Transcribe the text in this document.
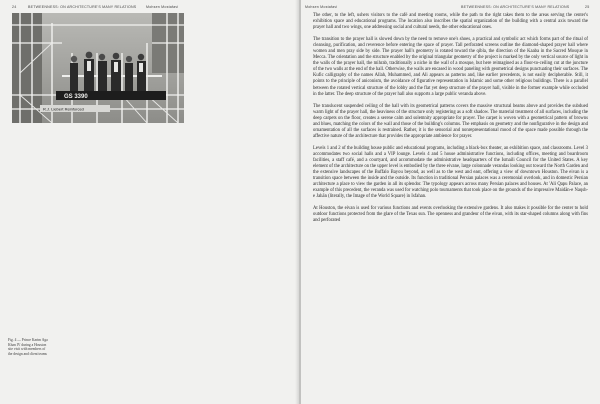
24	BETWEENNESS: ON ARCHITECTURE'S MANY RELATIONS	Mohsen Mostafavi
GS 3390
R.J. Liebert Reinforced
Fig. 4 — Prince Karim Aga Khan IV during a Houston site visit with members of the design and client teams
Mohsen Mostafavi	BETWEENNESS: ON ARCHITECTURE'S MANY RELATIONS	25

The other, to the left, ushers visitors to the café and meeting rooms, while the path to the right takes them to the areas serving the center's exhibition space and educational programs. The location also inscribes the spatial organization of the building with a central axis toward the prayer hall and two wings, one addressing social and cultural needs, the other educational ones.

The transition to the prayer hall is slowed down by the need to remove one's shoes, a practical and symbolic act which forms part of the ritual of cleansing, purification, and reverence before entering the space of prayer. Tall perforated screens outline the diamond-shaped prayer hall where women and men pray side by side. The prayer hall's geometry is rotated toward the qibla, the direction of the Kaaba in the Sacred Mosque in Mecca. The orientation and the structure enabled by the original triangular geometry of the project is marked by the only vertical source of light in the walls of the prayer hall, the mihrab, traditionally a niche in the wall of a mosque, but here reimagined as a floor-to-ceiling cut at the juncture of the two walls at the end of the hall. Otherwise, the walls are encased in wood paneling with geometrical designs punctuating their surfaces. The Kufic calligraphy of the names Allah, Muhammed, and Ali appears as patterns and, like earlier precedents, is not easily decipherable. Still, it points to the principle of aniconism, the avoidance of figurative representation in Islamic and some other religious buildings. There is a parallel between the rotated vertical structure of the lobby and the flat yet deep structure of the prayer hall, visible in the former example while occluded in the latter. The deep structure of the prayer hall also supports a large public veranda above.

The translucent suspended ceiling of the hall with its geometrical patterns covers the massive structural beams above and provides the subdued warm light of the prayer hall, the heaviness of the structure only registering as a soft shadow. The material treatment of all surfaces, including the deep carpets on the floor, creates a serene calm and solemnity appropriate for prayer. The carpet is woven with a geometrical pattern of browns and blues, matching the colors of the wall and those of the building's columns. The emphasis on geometry and the nonfigurative in the design and ornamentation of all the surfaces is restrained. Rather, it is the sensorial and nonrepresentational mood of the space made possible through the affective nature of the architecture that provides the appropriate ambience for prayer.

Levels 1 and 2 of the building house public and educational programs, including a black-box theater, an exhibition space, and classrooms. Level 3 accommodates two social halls and a VIP lounge. Levels 4 and 5 house administrative functions, including offices, meeting and boardroom facilities, a staff café, and a courtyard, and accommodate the administrative headquarters of the Ismaili Council for the United States. A key element of the architecture on the upper level is embodied by the three eivane, large colonnade verandas looking out toward the North Garden and the extensive landscapes of the Buffalo Bayou beyond, as well as to the west and east, offering a view of downtown Houston. The eivan is a transition space between the inside and the outside. Its function in traditional Persian palaces was a ceremonial overlook, and in domestic Persian architecture a place to view the garden in all its splendor. The typology appears across many Persian palaces and houses. At 'Ali Qapu Palace, an example of this precedent, the veranda was used for watching polo tournaments that took place on the grounds of the impressive Maidān-e Naqsh-e Jahān (literally, the Image of the World Square) in Isfahan.

At Houston, the eivan is used for various functions and events overlooking the extensive gardens. It also makes it possible for the center to hold outdoor functions protected from the glare of the Texas sun. The openness and grandeur of the eivan, with its star-shaped columns along with fins and perforated
